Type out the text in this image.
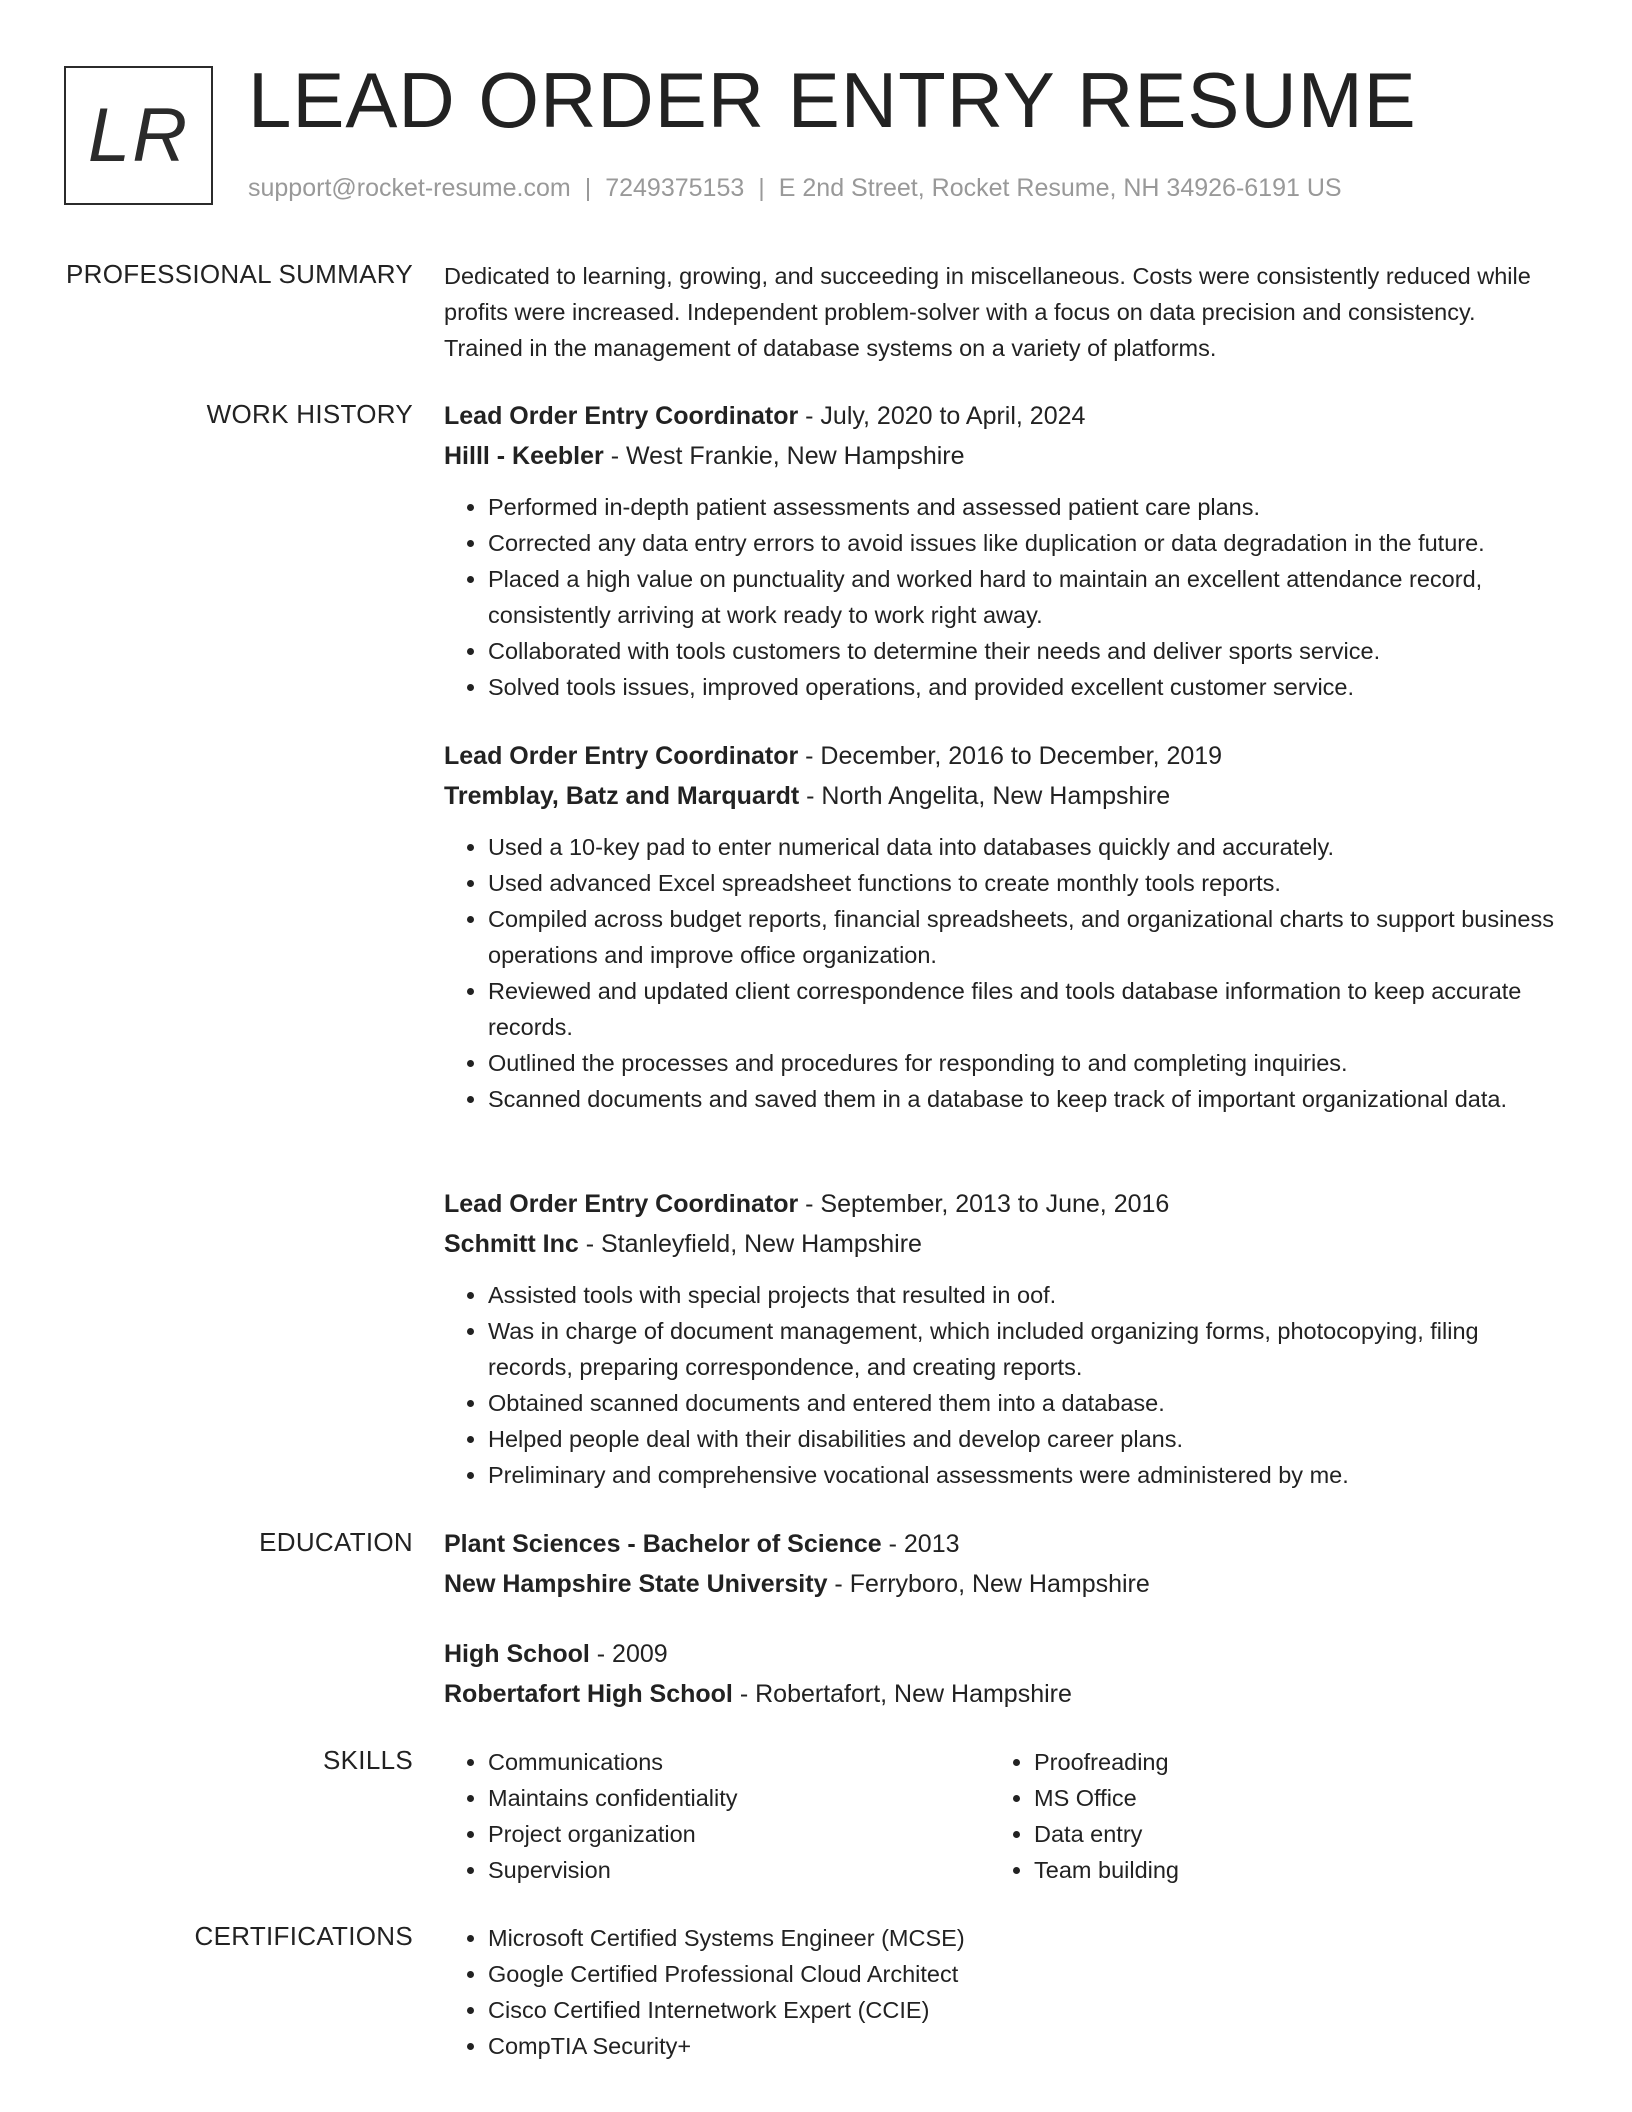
LR LEAD ORDER ENTRY RESUME
support@rocket-resume.com | 7249375153 | E 2nd Street, Rocket Resume, NH 34926-6191 US
PROFESSIONAL SUMMARY Dedicated to learning, growing, and succeeding in miscellaneous. Costs were consistently reduced while profits were increased. Independent problem-solver with a focus on data precision and consistency. Trained in the management of database systems on a variety of platforms.

WORK HISTORY Lead Order Entry Coordinator - July, 2020 to April, 2024
Hilll - Keebler - West Frankie, New Hampshire
• Performed in-depth patient assessments and assessed patient care plans.
• Corrected any data entry errors to avoid issues like duplication or data degradation in the future.
• Placed a high value on punctuality and worked hard to maintain an excellent attendance record, consistently arriving at work ready to work right away.
• Collaborated with tools customers to determine their needs and deliver sports service.
• Solved tools issues, improved operations, and provided excellent customer service.
Lead Order Entry Coordinator - December, 2016 to December, 2019
Tremblay, Batz and Marquardt - North Angelita, New Hampshire
• Used a 10-key pad to enter numerical data into databases quickly and accurately.
• Used advanced Excel spreadsheet functions to create monthly tools reports.
• Compiled across budget reports, financial spreadsheets, and organizational charts to support business operations and improve office organization.
• Reviewed and updated client correspondence files and tools database information to keep accurate records.
• Outlined the processes and procedures for responding to and completing inquiries.
• Scanned documents and saved them in a database to keep track of important organizational data.
Lead Order Entry Coordinator - September, 2013 to June, 2016
Schmitt Inc - Stanleyfield, New Hampshire
• Assisted tools with special projects that resulted in oof.
• Was in charge of document management, which included organizing forms, photocopying, filing records, preparing correspondence, and creating reports.
• Obtained scanned documents and entered them into a database.
• Helped people deal with their disabilities and develop career plans.
• Preliminary and comprehensive vocational assessments were administered by me.
EDUCATION Plant Sciences - Bachelor of Science - 2013
New Hampshire State University - Ferryboro, New Hampshire
High School - 2009
Robertafort High School - Robertafort, New Hampshire
SKILLS	• Communications
• Maintains confidentiality
• Project organization
• Supervision
• Proofreading
• MS Office
• Data entry
• Team building
CERTIFICATIONS	• Microsoft Certified Systems Engineer (MCSE)
• Google Certified Professional Cloud Architect
• Cisco Certified Internetwork Expert (CCIE)
• CompTIA Security+
